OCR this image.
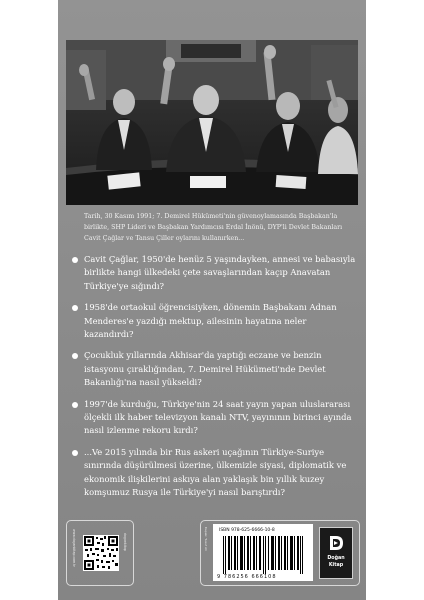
Tarih, 30 Kasım 1991; 7. Demirel Hükümeti'nin güvenoylamasında Başbakan'la birlikte, SHP Lideri ve Başbakan Yardımcısı Erdal İnönü, DYP'li Devlet Bakanları Cavit Çağlar ve Tansu Çiller oylarını kullanırken...
Cavit Çağlar, 1950'de henüz 5 yaşındayken, annesi ve babasıyla birlikte hangi ülkedeki çete savaşlarından kaçıp Anavatan Türkiye'ye sığındı?
1958'de ortaokul öğrencisiyken, dönemin Başbakanı Adnan Menderes'e yazdığı mektup, ailesinin hayatına neler kazandırdı?
Çocukluk yıllarında Akhisar'da yaptığı eczane ve benzin istasyonu çıraklığından, 7. Demirel Hükümeti'nde Devlet Bakanlığı'na nasıl yükseldi?
1997'de kurduğu, Türkiye'nin 24 saat yayın yapan uluslararası ölçekli ilk haber televizyon kanalı NTV, yayınının birinci ayında nasıl izlenme rekoru kırdı?
...Ve 2015 yılında bir Rus askeri uçağının Türkiye-Suriye sınırında düşürülmesi üzerine, ülkemizle siyasi, diplomatik ve ekonomik ilişkilerini askıya alan yaklaşık bin yıllık kuzey komşumuz Rusya ile Türkiye'yi nasıl barıştırdı?
www.dogankitap.com.tr	dogankitap	Kapak: Yusuf Ali ISBN 978-625-6666-10-8
9 786256 666108
Doğan
Kitap
